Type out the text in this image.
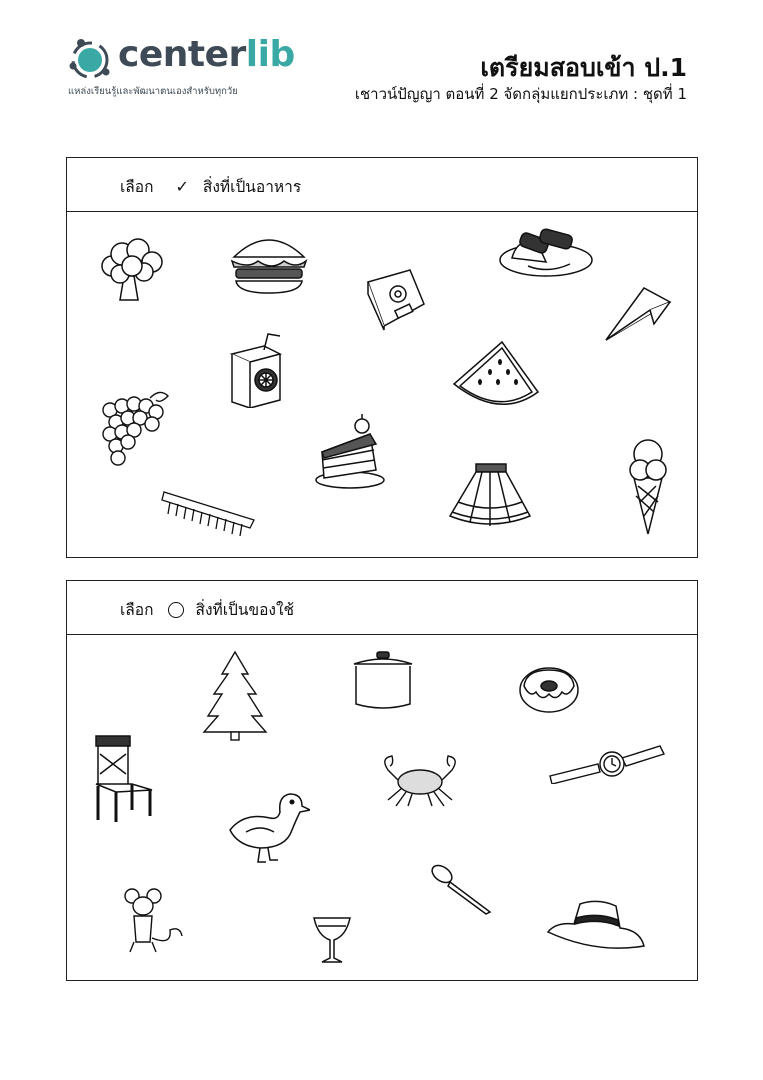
centerlib
แหล่งเรียนรู้และพัฒนาตนเองสำหรับทุกวัย
เตรียมสอบเข้า ป.1
เชาวน์ปัญญา ตอนที่ 2 จัดกลุ่มแยกประเภท : ชุดที่ 1
เลือก ✓ สิ่งที่เป็นอาหาร
เลือก ○ สิ่งที่เป็นของใช้
